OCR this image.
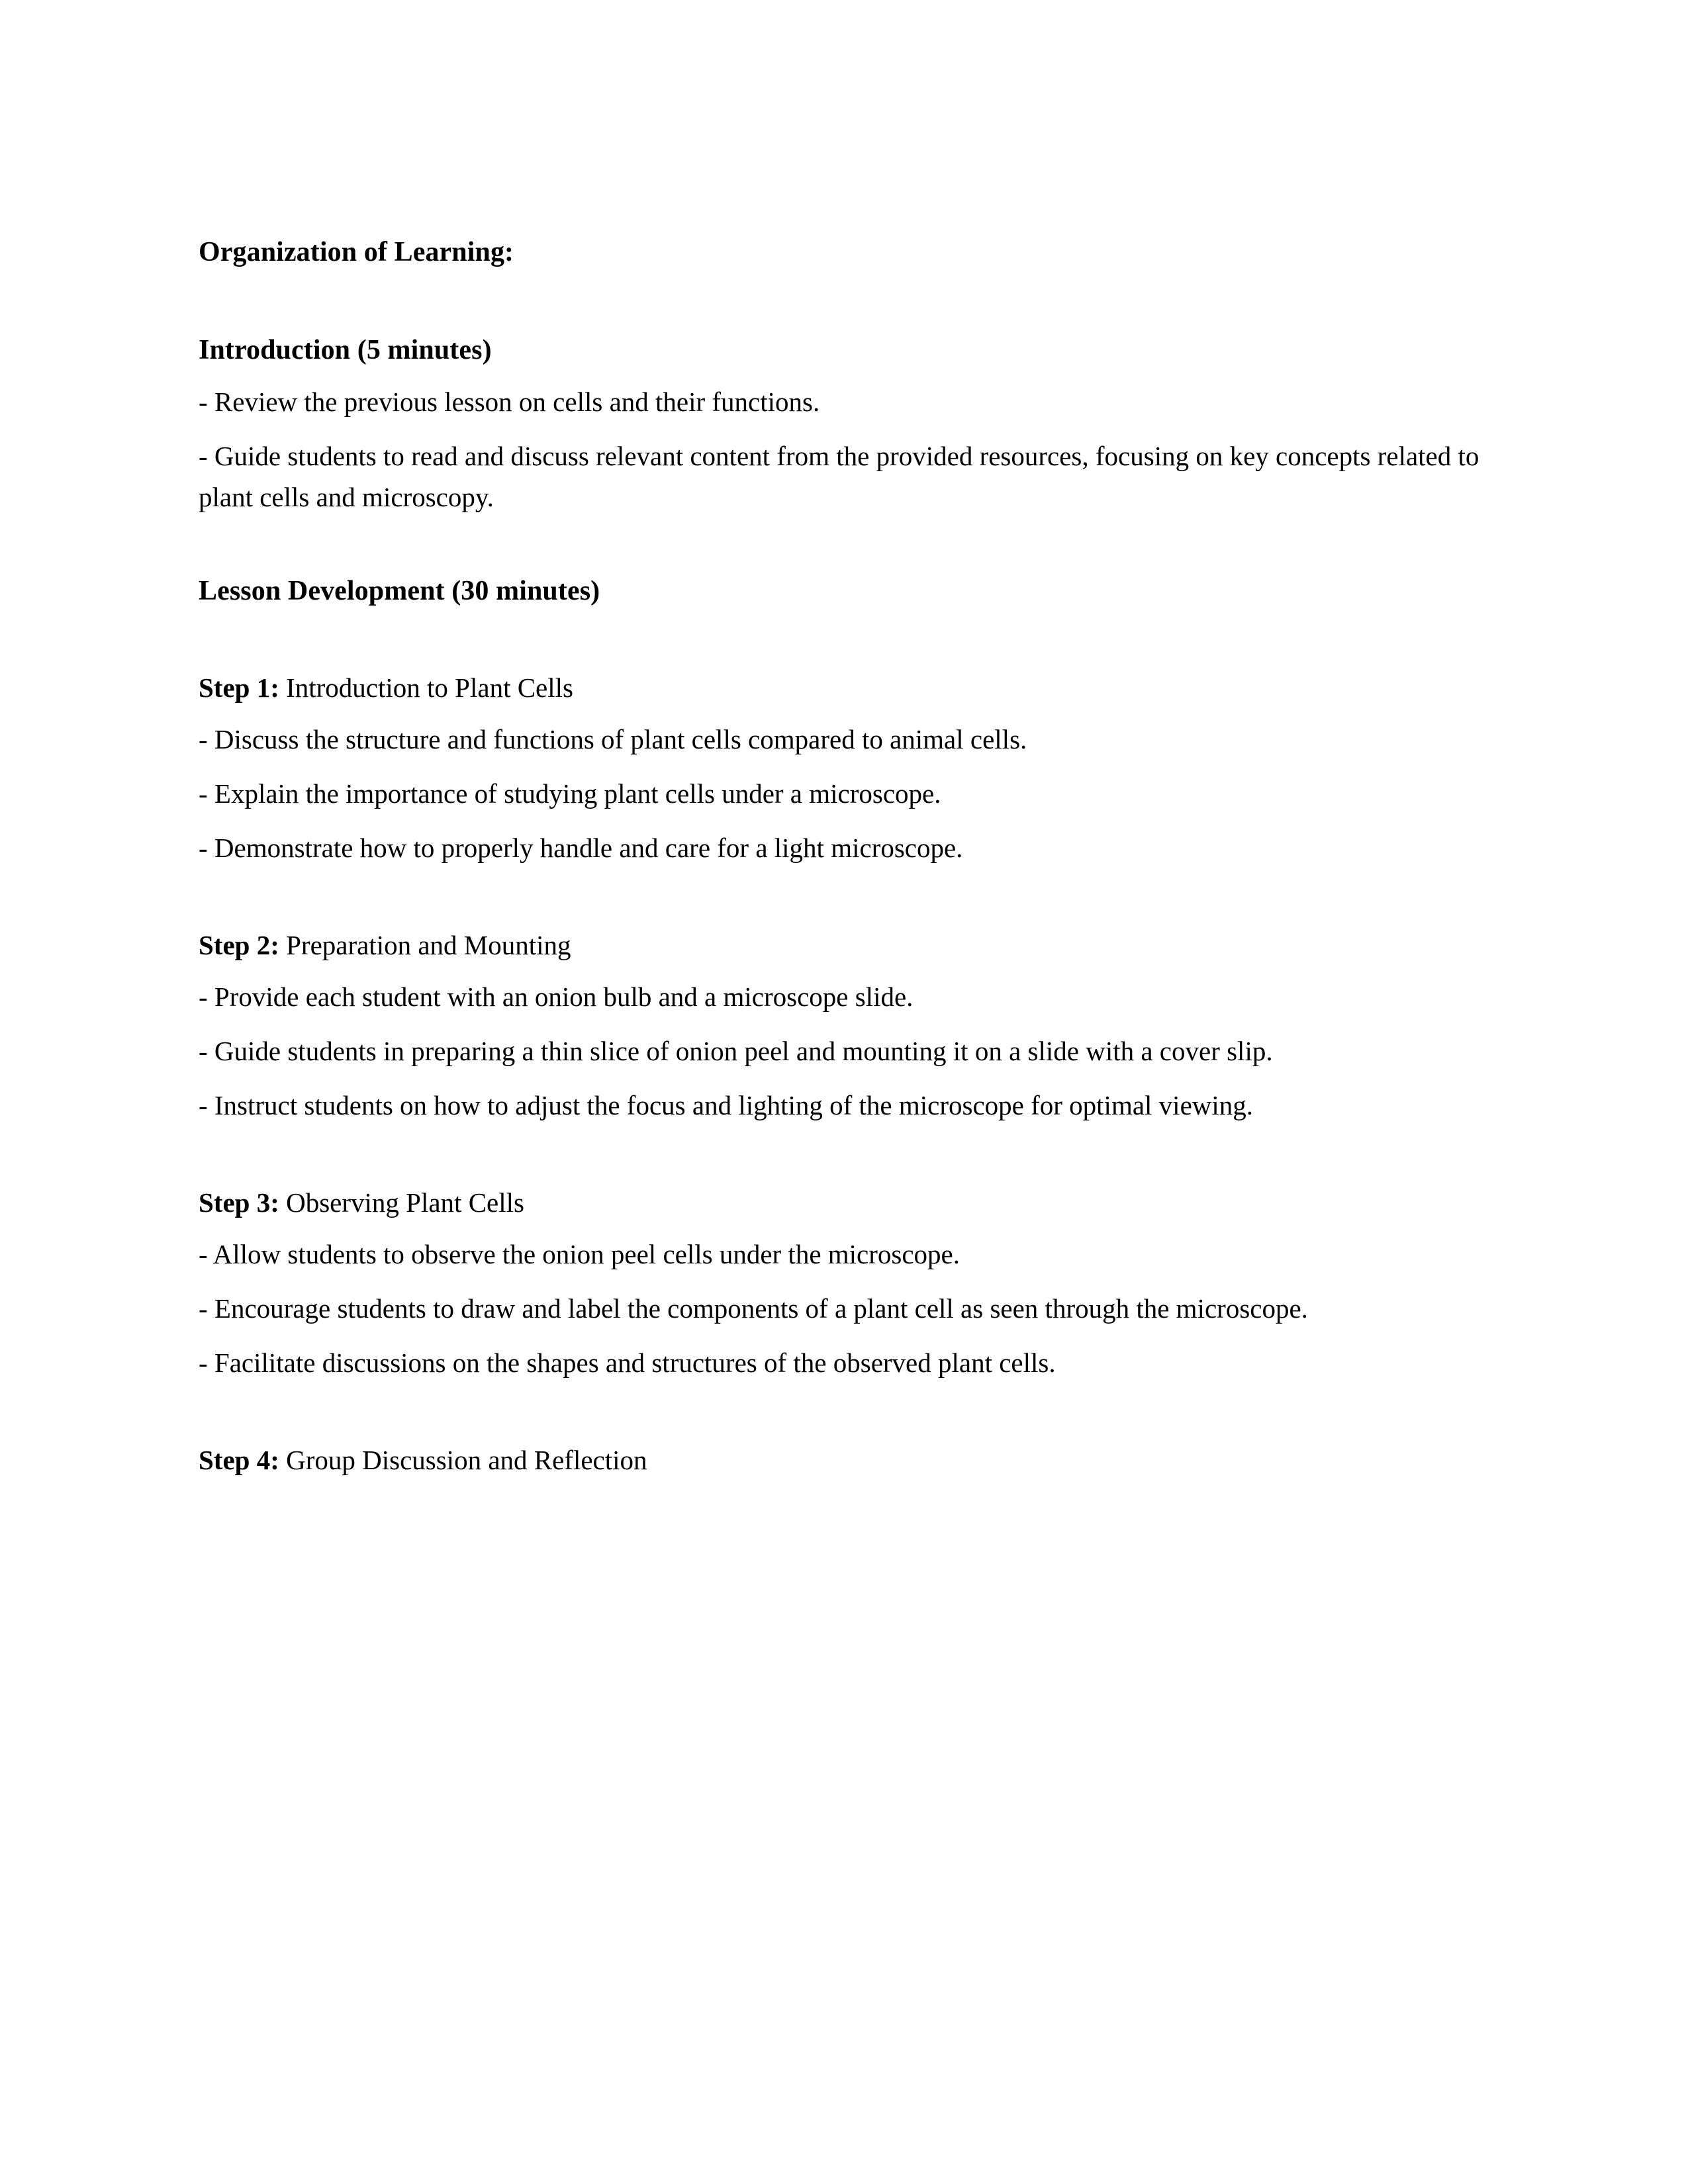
Organization of Learning:
Introduction (5 minutes)

- Review the previous lesson on cells and their functions.

- Guide students to read and discuss relevant content from the provided resources, focusing on key concepts related to plant cells and microscopy.

Lesson Development (30 minutes)

Step 1: Introduction to Plant Cells

- Discuss the structure and functions of plant cells compared to animal cells.

- Explain the importance of studying plant cells under a microscope.

- Demonstrate how to properly handle and care for a light microscope.

Step 2: Preparation and Mounting

- Provide each student with an onion bulb and a microscope slide.

- Guide students in preparing a thin slice of onion peel and mounting it on a slide with a cover slip.

- Instruct students on how to adjust the focus and lighting of the microscope for optimal viewing.

Step 3: Observing Plant Cells

- Allow students to observe the onion peel cells under the microscope.

- Encourage students to draw and label the components of a plant cell as seen through the microscope.

- Facilitate discussions on the shapes and structures of the observed plant cells.

Step 4: Group Discussion and Reflection
